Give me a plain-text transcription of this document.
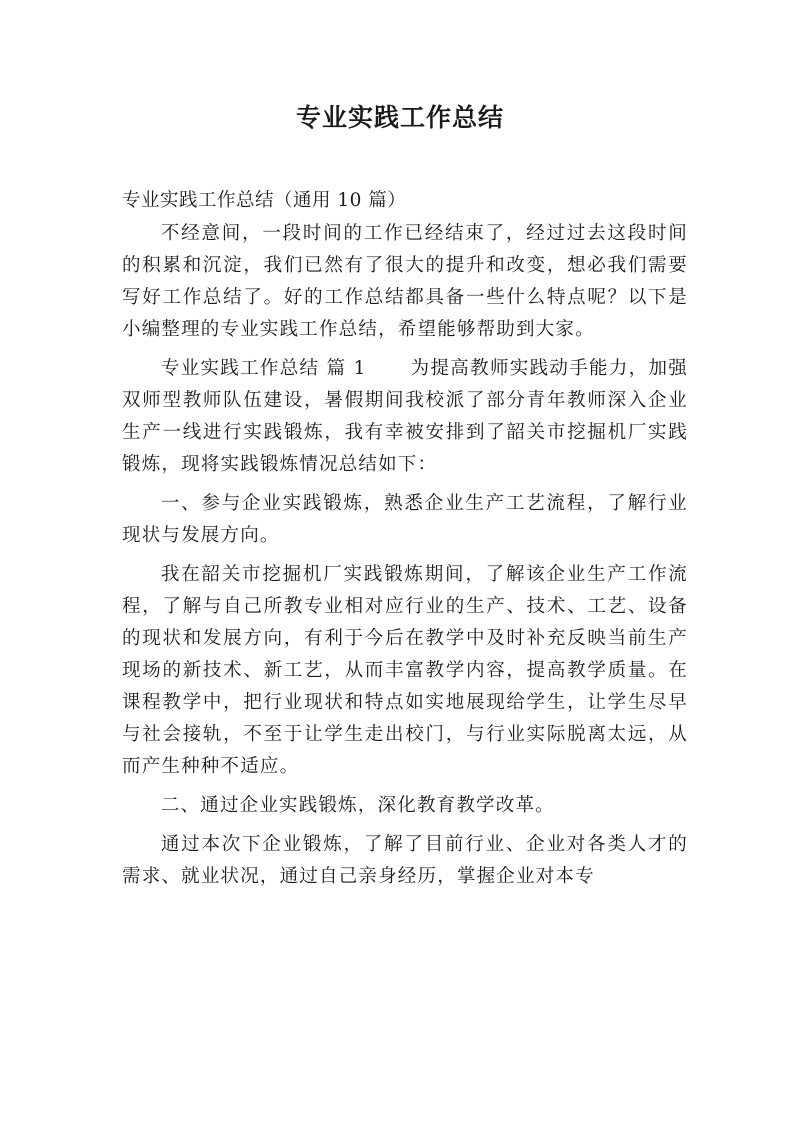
专业实践工作总结

专业实践工作总结（通用 10 篇）

不经意间，一段时间的工作已经结束了，经过过去这段时间的积累和沉淀，我们已然有了很大的提升和改变，想必我们需要写好工作总结了。好的工作总结都具备一些什么特点呢？以下是小编整理的专业实践工作总结，希望能够帮助到大家。

专业实践工作总结 篇 1 为提高教师实践动手能力，加强双师型教师队伍建设，暑假期间我校派了部分青年教师深入企业生产一线进行实践锻炼，我有幸被安排到了韶关市挖掘机厂实践锻炼，现将实践锻炼情况总结如下：

一、参与企业实践锻炼，熟悉企业生产工艺流程，了解行业现状与发展方向。

我在韶关市挖掘机厂实践锻炼期间，了解该企业生产工作流程，了解与自己所教专业相对应行业的生产、技术、工艺、设备的现状和发展方向，有利于今后在教学中及时补充反映当前生产现场的新技术、新工艺，从而丰富教学内容，提高教学质量。在课程教学中，把行业现状和特点如实地展现给学生，让学生尽早与社会接轨，不至于让学生走出校门，与行业实际脱离太远，从而产生种种不适应。

二、通过企业实践锻炼，深化教育教学改革。

通过本次下企业锻炼，了解了目前行业、企业对各类人才的需求、就业状况，通过自己亲身经历，掌握企业对本专
